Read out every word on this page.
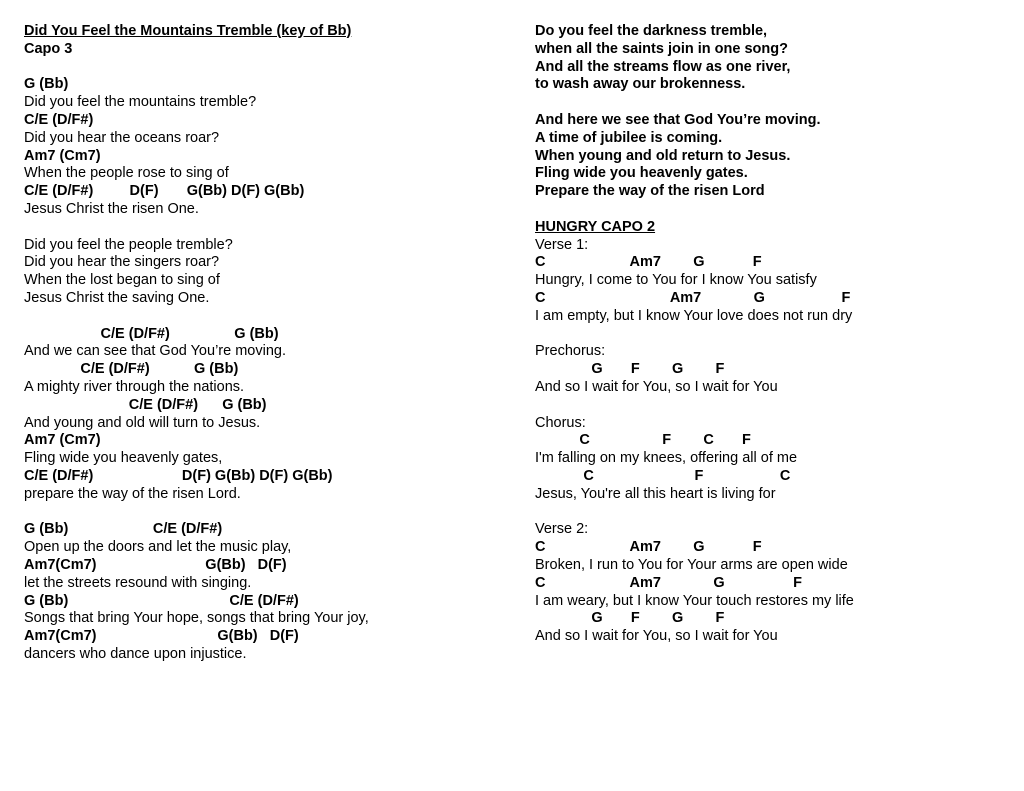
Did You Feel the Mountains Tremble (key of Bb)
Capo 3
G (Bb)
Did you feel the mountains tremble?
C/E (D/F#)
Did you hear the oceans roar?
Am7 (Cm7)
When the people rose to sing of
C/E (D/F#)         D(F)       G(Bb) D(F) G(Bb)
Jesus Christ the risen One.
Did you feel the people tremble?
Did you hear the singers roar?
When the lost began to sing of
Jesus Christ the saving One.
C/E (D/F#)                G (Bb)
And we can see that God You’re moving.
C/E (D/F#)           G (Bb)
A mighty river through the nations.
C/E (D/F#)      G (Bb)
And young and old will turn to Jesus.
Am7 (Cm7)
Fling wide you heavenly gates,
C/E (D/F#)                      D(F) G(Bb) D(F) G(Bb)
prepare the way of the risen Lord.
G (Bb)                     C/E (D/F#)
Open up the doors and let the music play,
Am7(Cm7)                           G(Bb)   D(F)
let the streets resound with singing.
G (Bb)                                        C/E (D/F#)
Songs that bring Your hope, songs that bring Your joy,
Am7(Cm7)                              G(Bb)   D(F)
dancers who dance upon injustice.
Do you feel the darkness tremble,
when all the saints join in one song?
And all the streams flow as one river,
to wash away our brokenness.
And here we see that God You’re moving.
A time of jubilee is coming.
When young and old return to Jesus.
Fling wide you heavenly gates.
Prepare the way of the risen Lord
HUNGRY CAPO 2
Verse 1:
C                     Am7        G            F
Hungry, I come to You for I know You satisfy
C                               Am7             G                   F
I am empty, but I know Your love does not run dry
Prechorus:
G       F        G        F
And so I wait for You, so I wait for You
Chorus:
C                  F        C       F
I'm falling on my knees, offering all of me
C                         F                   C
Jesus, You're all this heart is living for
Verse 2:
C                     Am7        G            F
Broken, I run to You for Your arms are open wide
C                     Am7             G                 F
I am weary, but I know Your touch restores my life
G       F        G        F
And so I wait for You, so I wait for You
